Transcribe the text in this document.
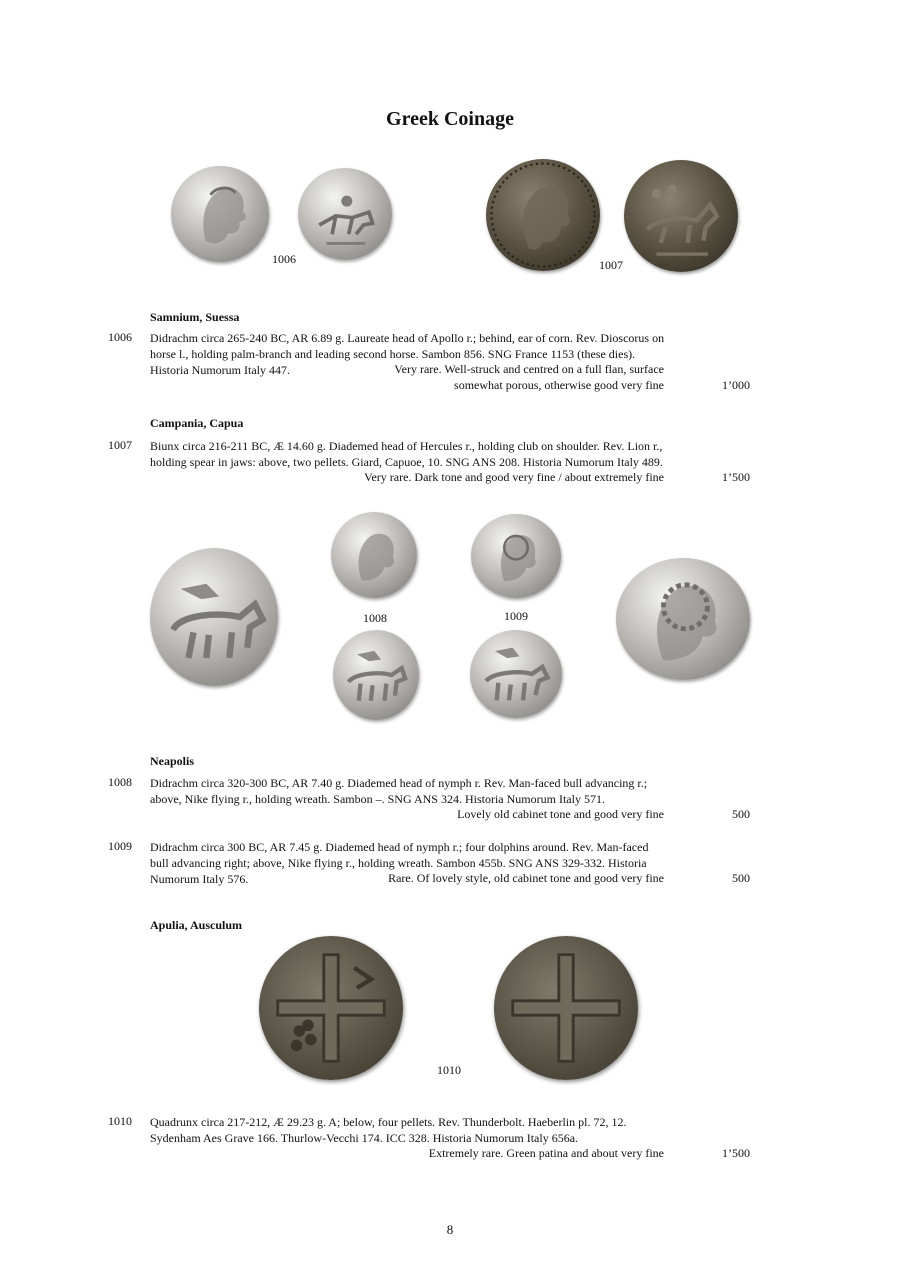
Greek Coinage
1006	1007
Samnium, Suessa
1006 Didrachm circa 265-240 BC, AR 6.89 g. Laureate head of Apollo r.; behind, ear of corn. Rev. Dioscorus on
horse l., holding palm-branch and leading second horse. Sambon 856. SNG France 1153 (these dies).
Historia Numorum Italy 447.	Very rare. Well-struck and centred on a full flan, surface
somewhat porous, otherwise good very fine	1’000
Campania, Capua
1007 Biunx circa 216-211 BC, Æ 14.60 g. Diademed head of Hercules r., holding club on shoulder. Rev. Lion r.,
holding spear in jaws: above, two pellets. Giard, Capuoe, 10. SNG ANS 208. Historia Numorum Italy 489.
Very rare. Dark tone and good very fine / about extremely fine	1’500
1008	1009
Neapolis
1008 Didrachm circa 320-300 BC, AR 7.40 g. Diademed head of nymph r. Rev. Man-faced bull advancing r.;
above, Nike flying r., holding wreath. Sambon –. SNG ANS 324. Historia Numorum Italy 571.
Lovely old cabinet tone and good very fine	500
1009 Didrachm circa 300 BC, AR 7.45 g. Diademed head of nymph r.; four dolphins around. Rev. Man-faced
bull advancing right; above, Nike flying r., holding wreath. Sambon 455b. SNG ANS 329-332. Historia
Numorum Italy 576.	Rare. Of lovely style, old cabinet tone and good very fine	500
Apulia, Ausculum
1010
1010 Quadrunx circa 217-212, Æ 29.23 g. A; below, four pellets. Rev. Thunderbolt. Haeberlin pl. 72, 12.
Sydenham Aes Grave 166. Thurlow-Vecchi 174. ICC 328. Historia Numorum Italy 656a.
Extremely rare. Green patina and about very fine	1’500
8
